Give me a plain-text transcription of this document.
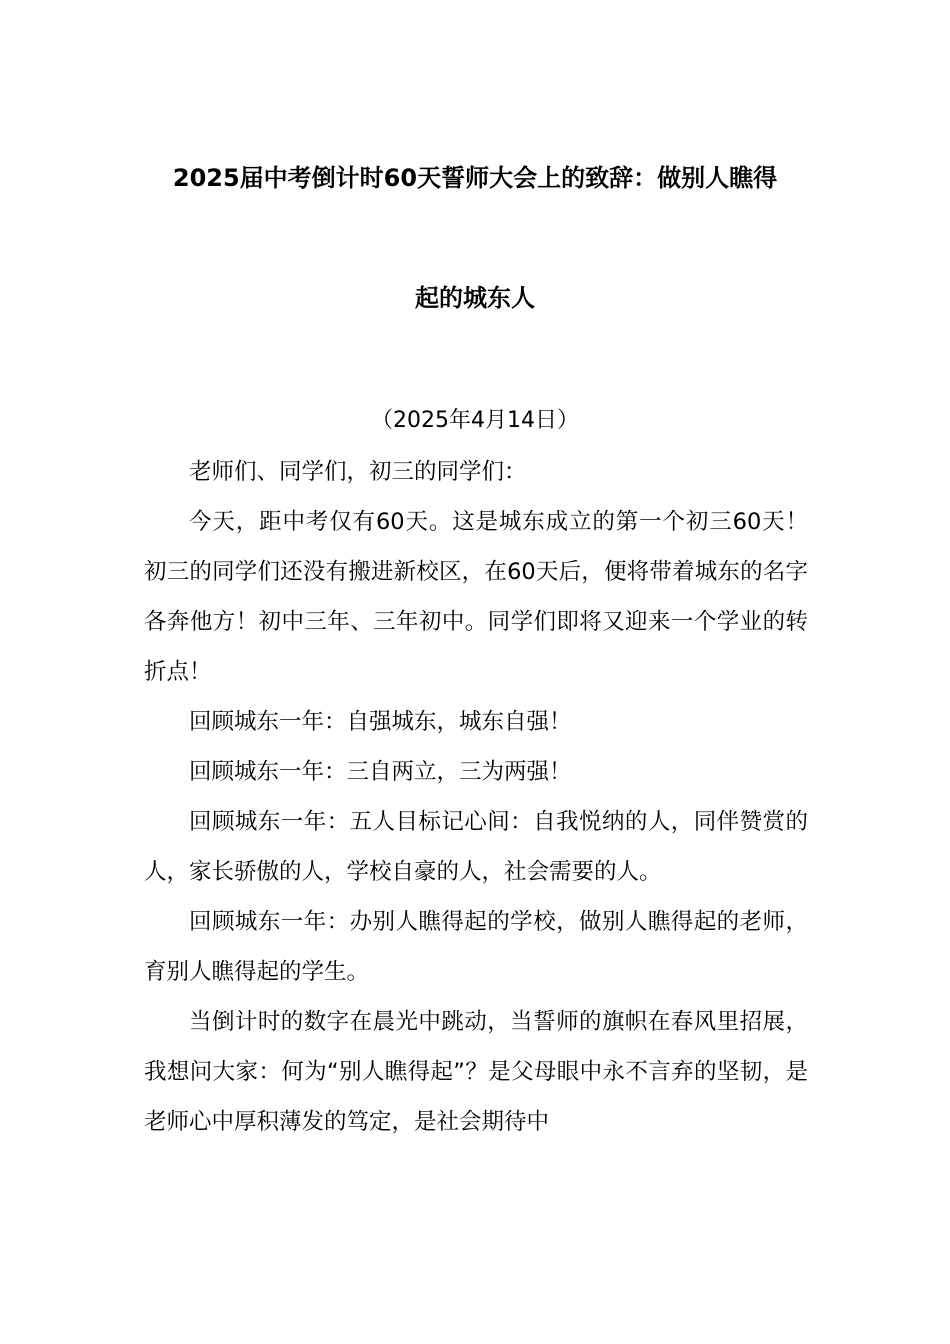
2025届中考倒计时60天誓师大会上的致辞：做别人瞧得
起的城东人
（2025年4月14日）

老师们、同学们，初三的同学们：

今天，距中考仅有60天。这是城东成立的第一个初三60天！初三的同学们还没有搬进新校区，在60天后，便将带着城东的名字各奔他方！初中三年、三年初中。同学们即将又迎来一个学业的转折点！

回顾城东一年：自强城东，城东自强！

回顾城东一年：三自两立，三为两强！

回顾城东一年：五人目标记心间：自我悦纳的人，同伴赞赏的人，家长骄傲的人，学校自豪的人，社会需要的人。

回顾城东一年：办别人瞧得起的学校，做别人瞧得起的老师，育别人瞧得起的学生。

当倒计时的数字在晨光中跳动，当誓师的旗帜在春风里招展，我想问大家：何为“别人瞧得起”？是父母眼中永不言弃的坚韧，是老师心中厚积薄发的笃定，是社会期待中
